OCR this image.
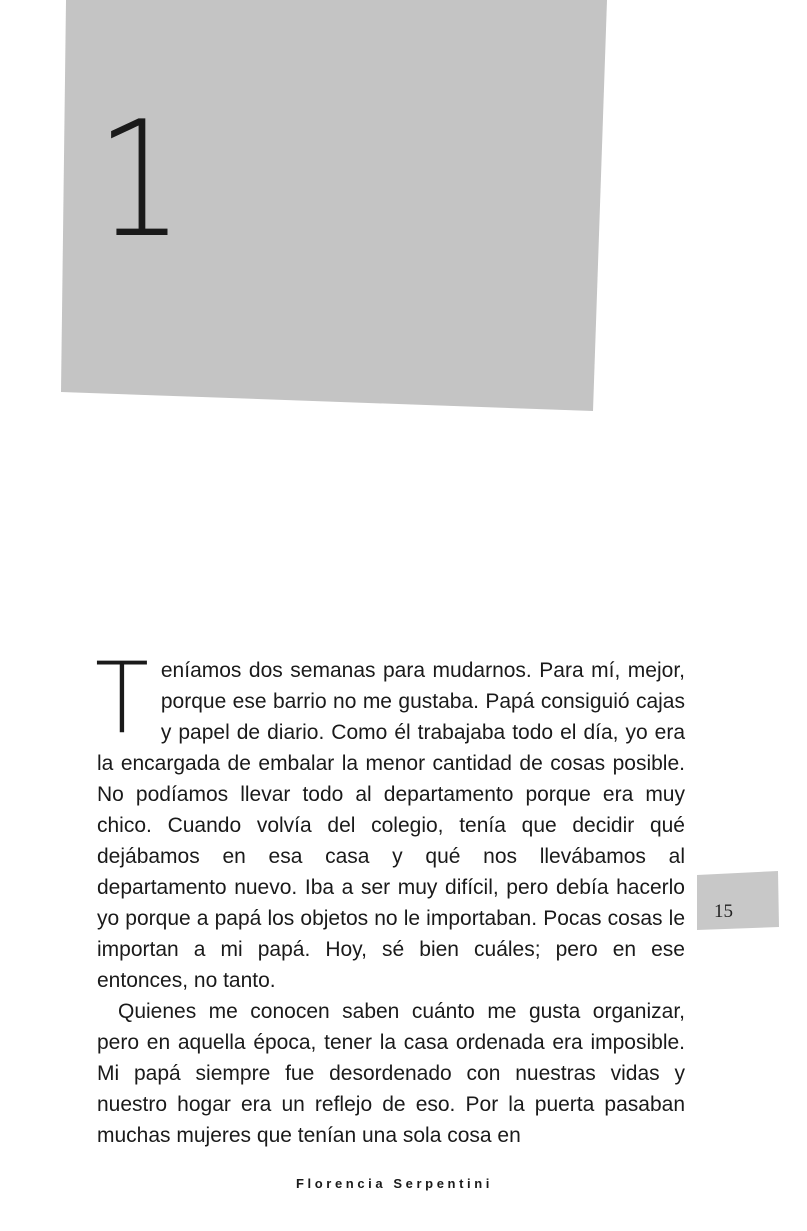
1
15

Teníamos dos semanas para mudarnos. Para mí, mejor, porque ese barrio no me gustaba. Papá consiguió cajas y papel de diario. Como él trabajaba todo el día, yo era la encargada de embalar la menor cantidad de cosas posible. No podíamos llevar todo al departamento porque era muy chico. Cuando volvía del colegio, tenía que decidir qué dejábamos en esa casa y qué nos llevábamos al departamento nuevo. Iba a ser muy difícil, pero debía hacerlo yo porque a papá los objetos no le importaban. Pocas cosas le importan a mi papá. Hoy, sé bien cuáles; pero en ese entonces, no tanto.

Quienes me conocen saben cuánto me gusta organizar, pero en aquella época, tener la casa ordenada era imposible. Mi papá siempre fue desordenado con nuestras vidas y nuestro hogar era un reflejo de eso. Por la puerta pasaban muchas mujeres que tenían una sola cosa en

Florencia Serpentini
